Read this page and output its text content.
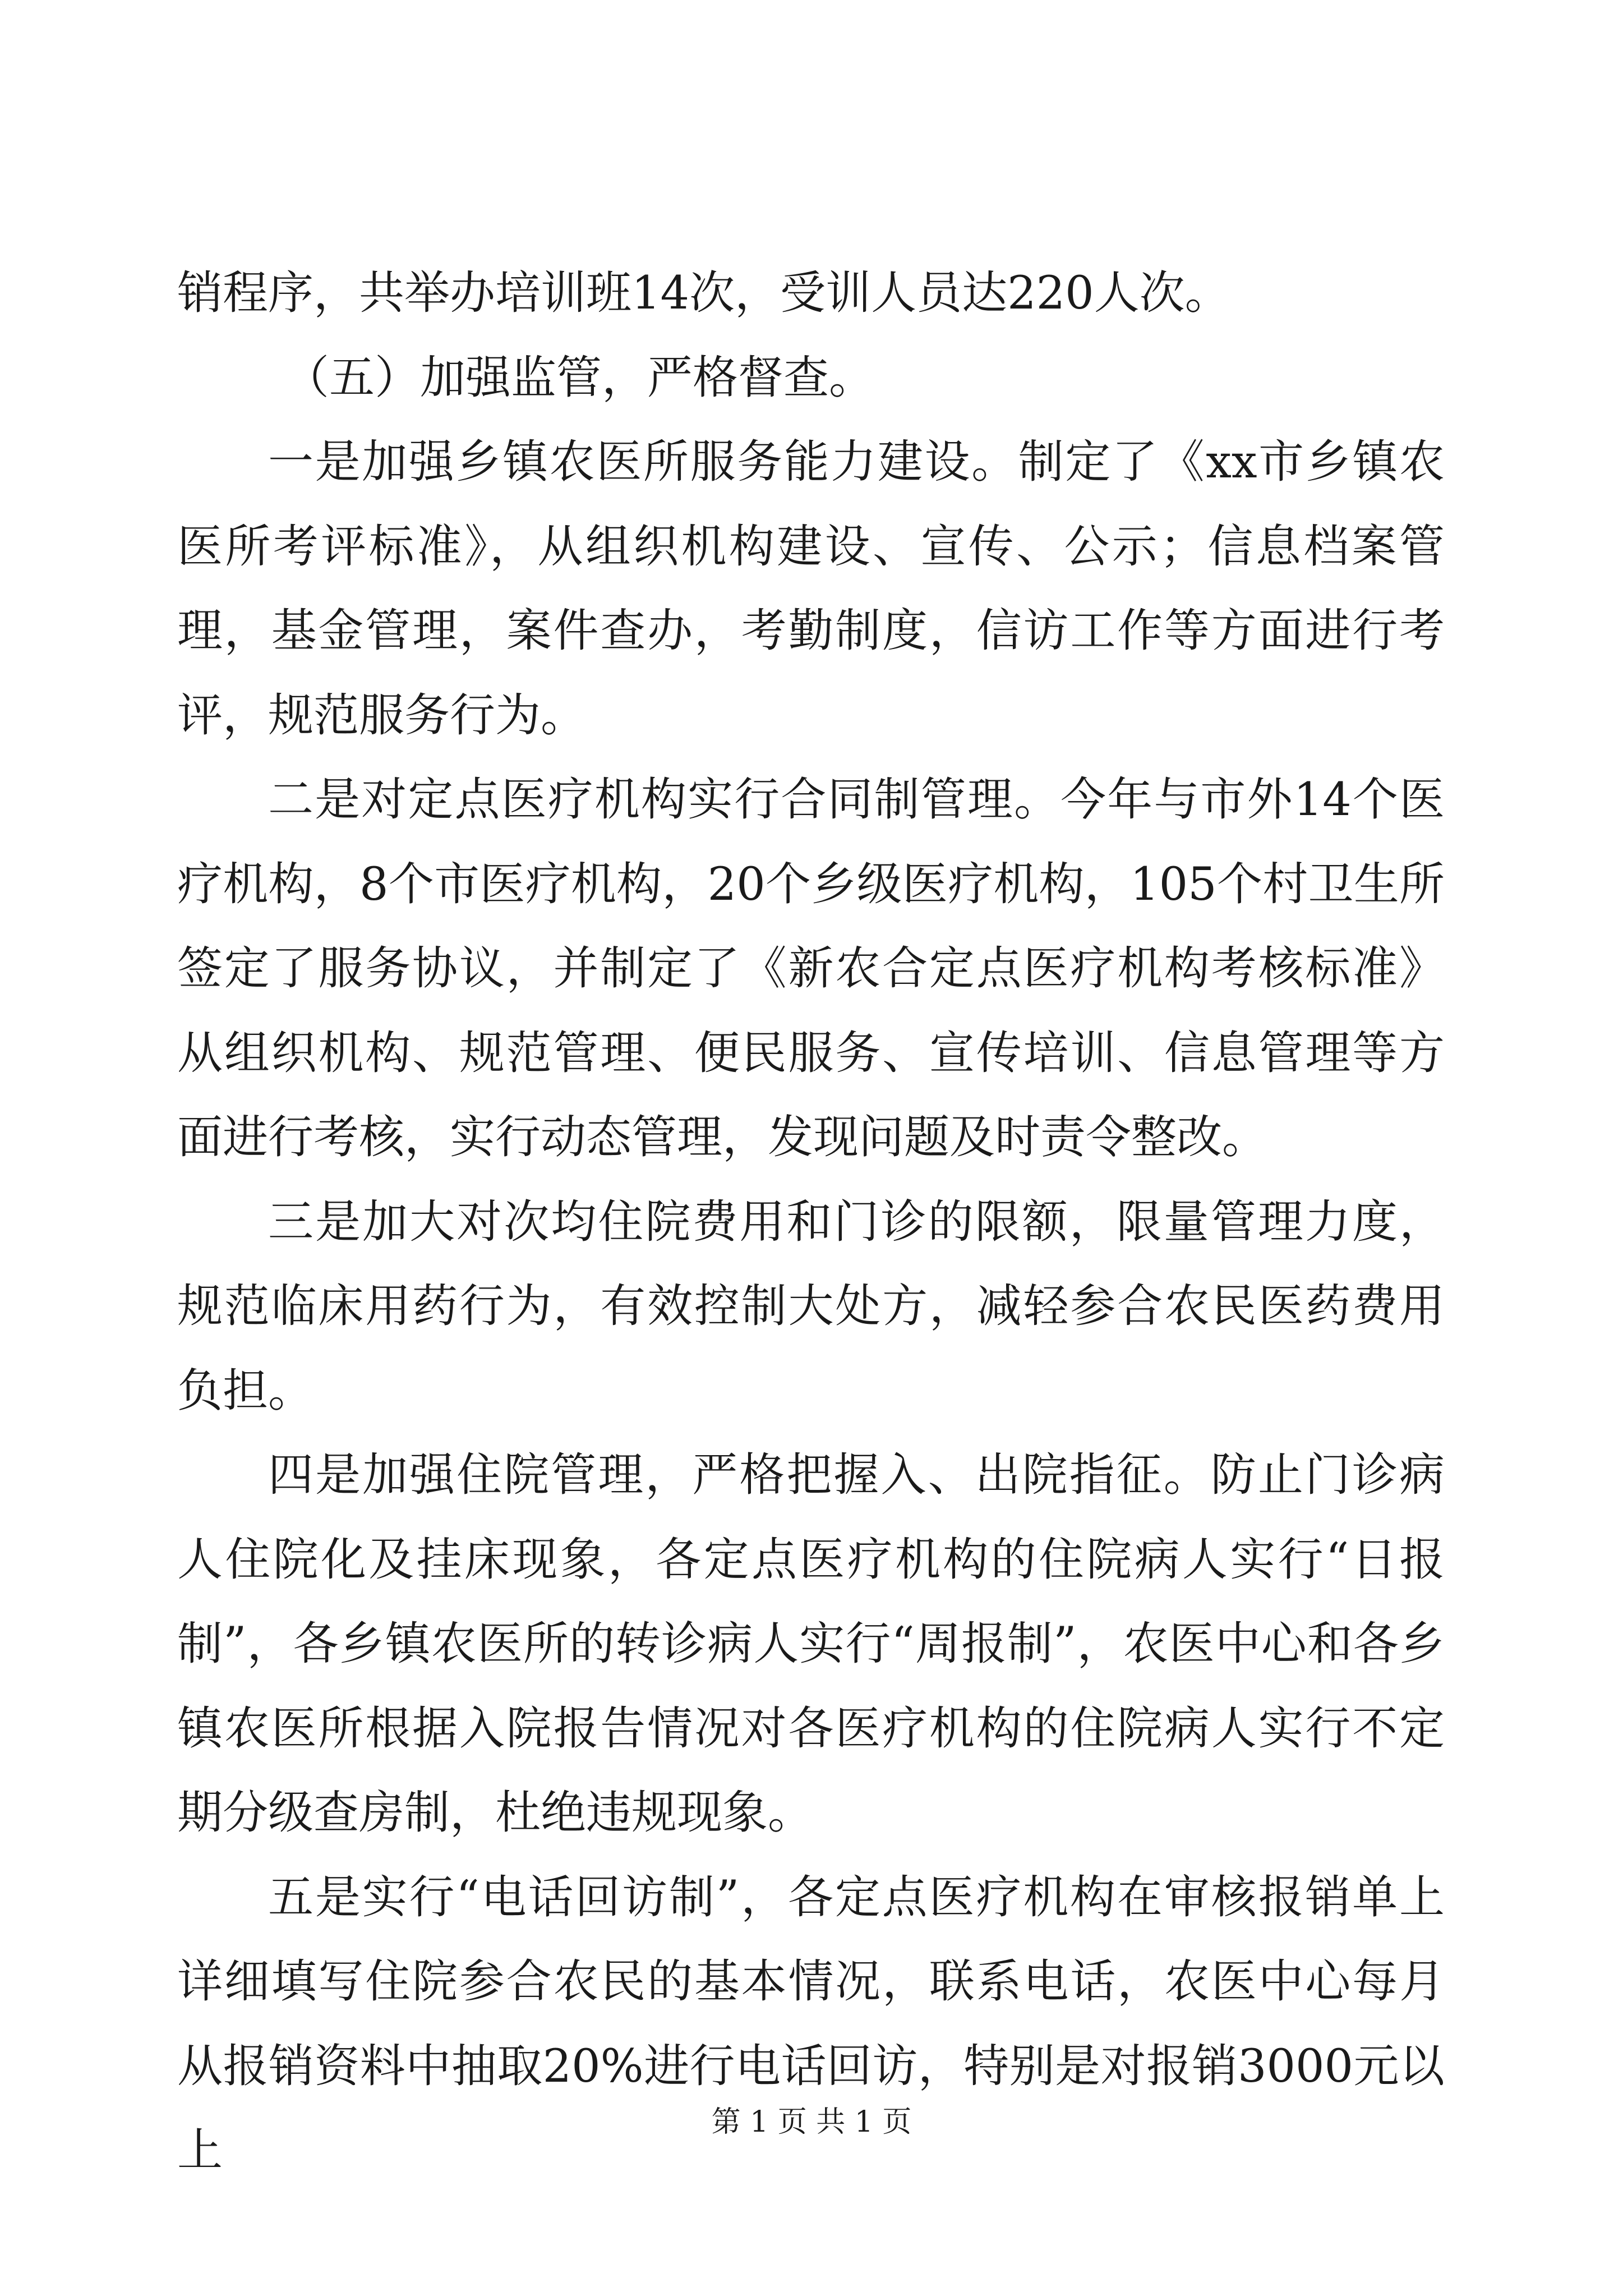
销程序，共举办培训班14次，受训人员达220人次。

（五）加强监管，严格督查。

一是加强乡镇农医所服务能力建设。制定了《xx市乡镇农医所考评标准》，从组织机构建设、宣传、公示；信息档案管理，基金管理，案件查办，考勤制度，信访工作等方面进行考评，规范服务行为。

二是对定点医疗机构实行合同制管理。今年与市外14个医疗机构，8个市医疗机构，20个乡级医疗机构，105个村卫生所签定了服务协议，并制定了《新农合定点医疗机构考核标准》从组织机构、规范管理、便民服务、宣传培训、信息管理等方面进行考核，实行动态管理，发现问题及时责令整改。

三是加大对次均住院费用和门诊的限额，限量管理力度，规范临床用药行为，有效控制大处方，减轻参合农民医药费用负担。

四是加强住院管理，严格把握入、出院指征。防止门诊病人住院化及挂床现象，各定点医疗机构的住院病人实行“日报制”，各乡镇农医所的转诊病人实行“周报制”，农医中心和各乡镇农医所根据入院报告情况对各医疗机构的住院病人实行不定期分级查房制，杜绝违规现象。

五是实行“电话回访制”，各定点医疗机构在审核报销单上详细填写住院参合农民的基本情况，联系电话，农医中心每月从报销资料中抽取20%进行电话回访，特别是对报销3000元以上

第 1 页 共 1 页
